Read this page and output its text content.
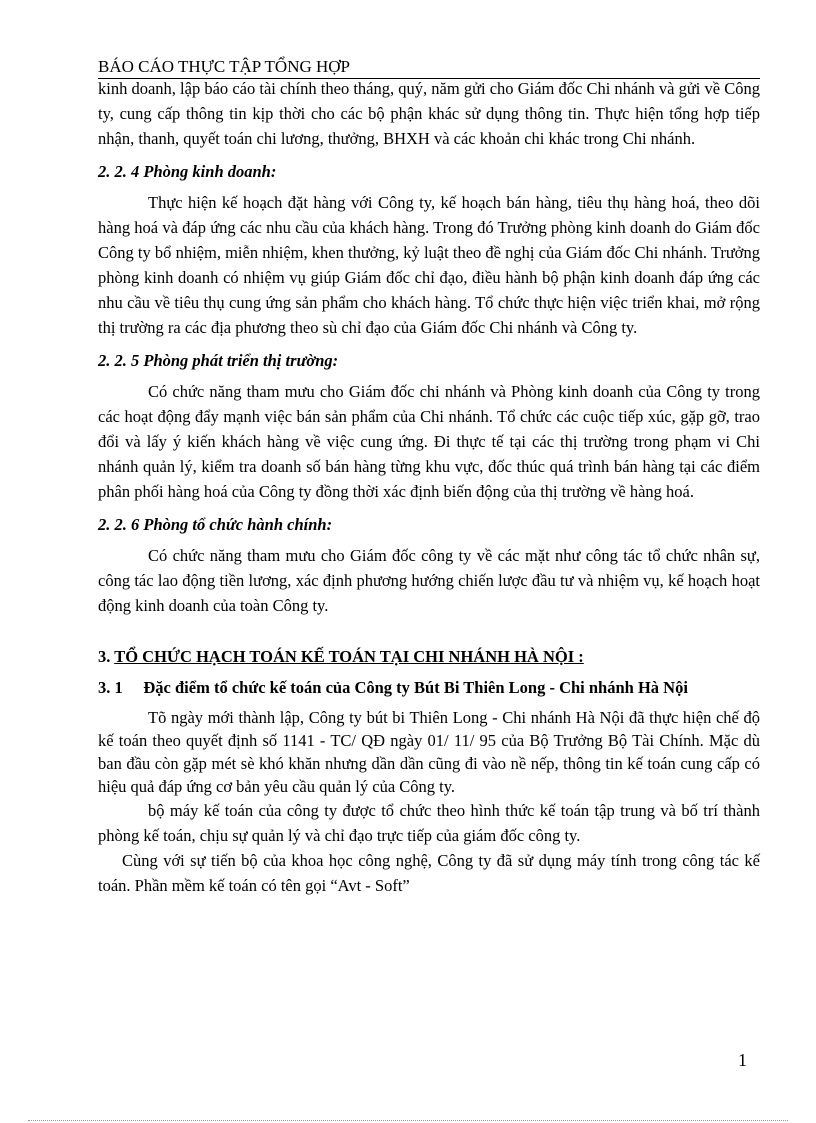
BÁO CÁO THỰC TẬP TỔNG HỢP

kinh doanh, lập báo cáo tài chính theo tháng, quý, năm gửi cho Giám đốc Chi nhánh và gửi về Công ty, cung cấp thông tin kịp thời cho các bộ phận khác sử dụng thông tin. Thực hiện tổng hợp tiếp nhận, thanh, quyết toán chi lương, thưởng, BHXH và các khoản chi khác trong Chi nhánh.

2. 2. 4 Phòng kinh doanh:

Thực hiện kế hoạch đặt hàng với Công ty, kế hoạch bán hàng, tiêu thụ hàng hoá, theo dõi hàng hoá và đáp ứng các nhu cầu của khách hàng. Trong đó Trưởng phòng kinh doanh do Giám đốc Công ty bổ nhiệm, miễn nhiệm, khen thưởng, kỷ luật theo đề nghị của Giám đốc Chi nhánh. Trưởng phòng kinh doanh có nhiệm vụ giúp Giám đốc chỉ đạo, điều hành bộ phận kinh doanh đáp ứng các nhu cầu về tiêu thụ cung ứng sản phẩm cho khách hàng. Tổ chức thực hiện việc triển khai, mở rộng thị trường ra các địa phương theo sù chỉ đạo của Giám đốc Chi nhánh và Công ty.

2. 2. 5 Phòng phát triển thị trường:

Có chức năng tham mưu cho Giám đốc chi nhánh và Phòng kinh doanh của Công ty trong các hoạt động đẩy mạnh việc bán sản phẩm của Chi nhánh. Tổ chức các cuộc tiếp xúc, gặp gỡ, trao đổi và lấy ý kiến khách hàng về việc cung ứng. Đi thực tế tại các thị trường trong phạm vi Chi nhánh quản lý, kiểm tra doanh số bán hàng từng khu vực, đốc thúc quá trình bán hàng tại các điểm phân phối hàng hoá của Công ty đồng thời xác định biến động của thị trường về hàng hoá.

2. 2. 6 Phòng tổ chức hành chính:

Có chức năng tham mưu cho Giám đốc công ty về các mặt như công tác tổ chức nhân sự, công tác lao động tiền lương, xác định phương hướng chiến lược đầu tư và nhiệm vụ, kế hoạch hoạt động kinh doanh của toàn Công ty.

3. TỔ CHỨC HẠCH TOÁN KẾ TOÁN TẠI CHI NHÁNH HÀ NỘI :
3. 1     Đặc điểm tổ chức kế toán của Công ty Bút Bi Thiên Long - Chi nhánh Hà Nội

Tõ ngày mới thành lập, Công ty bút bi Thiên Long - Chi nhánh Hà Nội đã thực hiện chế độ kế toán theo quyết định số 1141 - TC/ QĐ ngày 01/ 11/ 95 của Bộ Trưởng Bộ Tài Chính. Mặc dù ban đầu còn gặp mét sè khó khăn nhưng dần dần cũng đi vào nề nếp, thông tin kế toán cung cấp có hiệu quả đáp ứng cơ bản yêu cầu quản lý của Công ty.

bộ máy kế toán của công ty được tổ chức theo hình thức kế toán tập trung và bố trí thành phòng kế toán, chịu sự quản lý và chỉ đạo trực tiếp của giám đốc công ty.

Cùng với sự tiến bộ của khoa học công nghệ, Công ty đã sử dụng máy tính trong công tác kế toán. Phần mềm kế toán có tên gọi “Avt - Soft”

1
